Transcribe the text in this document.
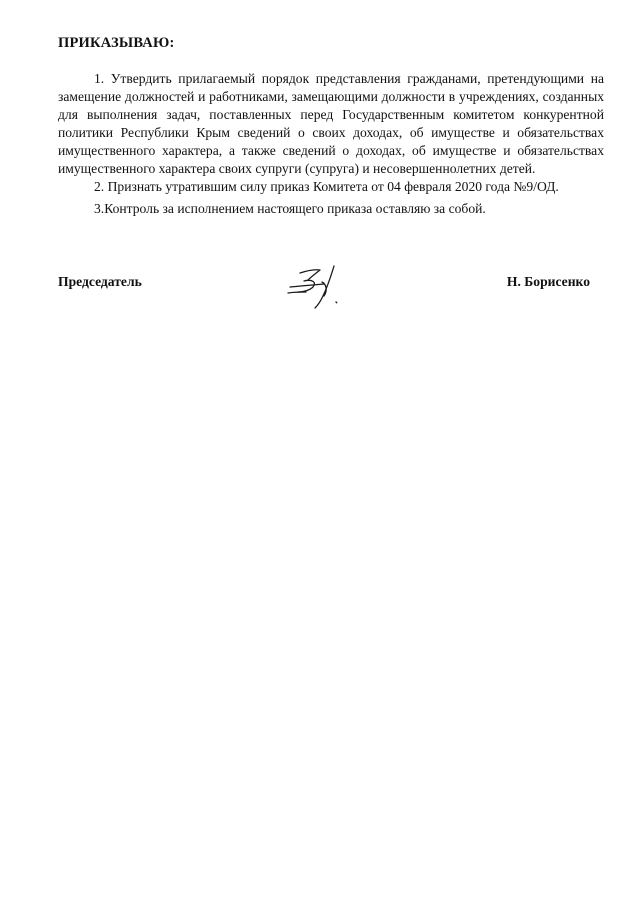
ПРИКАЗЫВАЮ:

1. Утвердить прилагаемый порядок представления гражданами, претендующими на замещение должностей и работниками, замещающими должности в учреждениях, созданных для выполнения задач, поставленных перед Государственным комитетом конкурентной политики Республики Крым сведений о своих доходах, об имуществе и обязательствах имущественного характера, а также сведений о доходах, об имуществе и обязательствах имущественного характера своих супруги (супруга) и несовершеннолетних детей.

2. Признать утратившим силу приказ Комитета от 04 февраля 2020 года №9/ОД.

3.Контроль за исполнением настоящего приказа оставляю за собой.

Председатель	Н. Борисенко
